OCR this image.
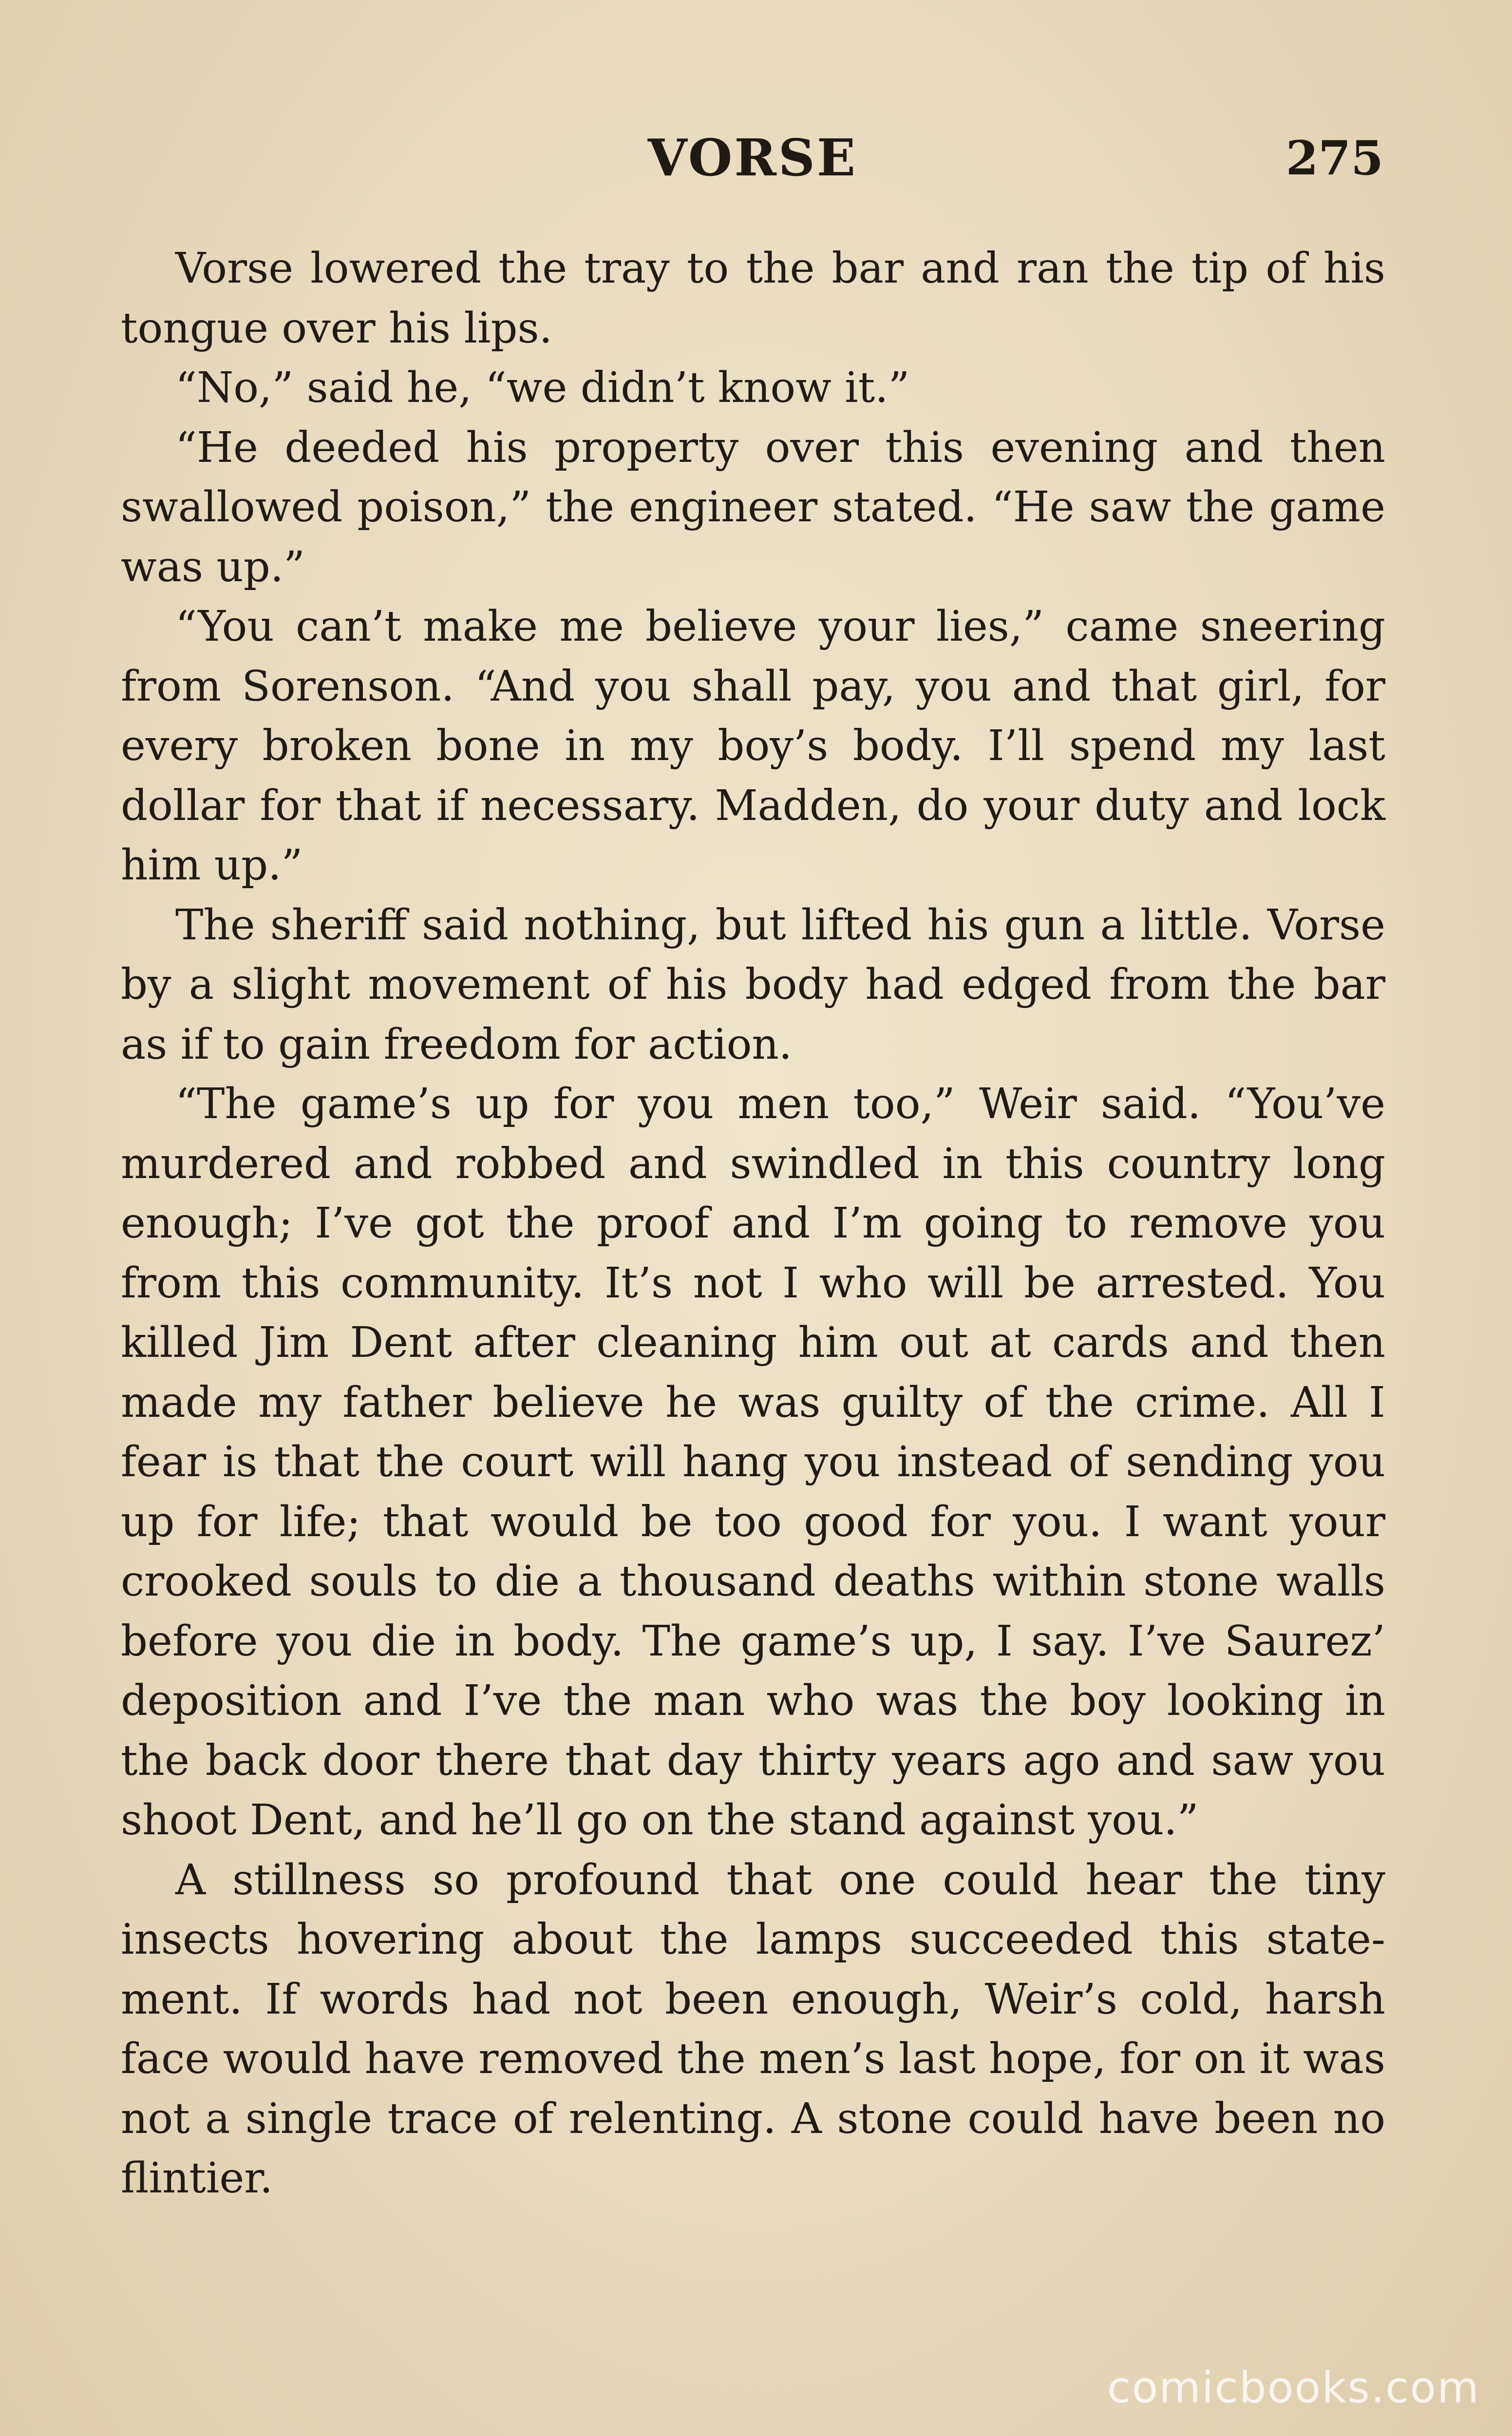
VORSE	275

Vorse lowered the tray to the bar and ran the tip of his tongue over his lips.

“No,” said he, “we didn’t know it.”

“He deeded his property over this evening and then swallowed poison,” the engineer stated. “He saw the game was up.”

“You can’t make me believe your lies,” came sneering from Sorenson. “And you shall pay, you and that girl, for every broken bone in my boy’s body. I’ll spend my last dollar for that if necessary. Madden, do your duty and lock him up.”

The sheriff said nothing, but lifted his gun a little. Vorse by a slight movement of his body had edged from the bar as if to gain freedom for action.

“The game’s up for you men too,” Weir said. “You’ve murdered and robbed and swindled in this country long enough; I’ve got the proof and I’m going to remove you from this community. It’s not I who will be arrested. You killed Jim Dent after cleaning him out at cards and then made my father believe he was guilty of the crime. All I fear is that the court will hang you instead of sending you up for life; that would be too good for you. I want your crooked souls to die a thousand deaths within stone walls before you die in body. The game’s up, I say. I’ve Saurez’ deposition and I’ve the man who was the boy looking in the back door there that day thirty years ago and saw you shoot Dent, and he’ll go on the stand against you.”

A stillness so profound that one could hear the tiny insects hovering about the lamps succeeded this statement. If words had not been enough, Weir’s cold, harsh face would have removed the men’s last hope, for on it was not a single trace of relenting. A stone could have been no flintier.

comicbooks.com
